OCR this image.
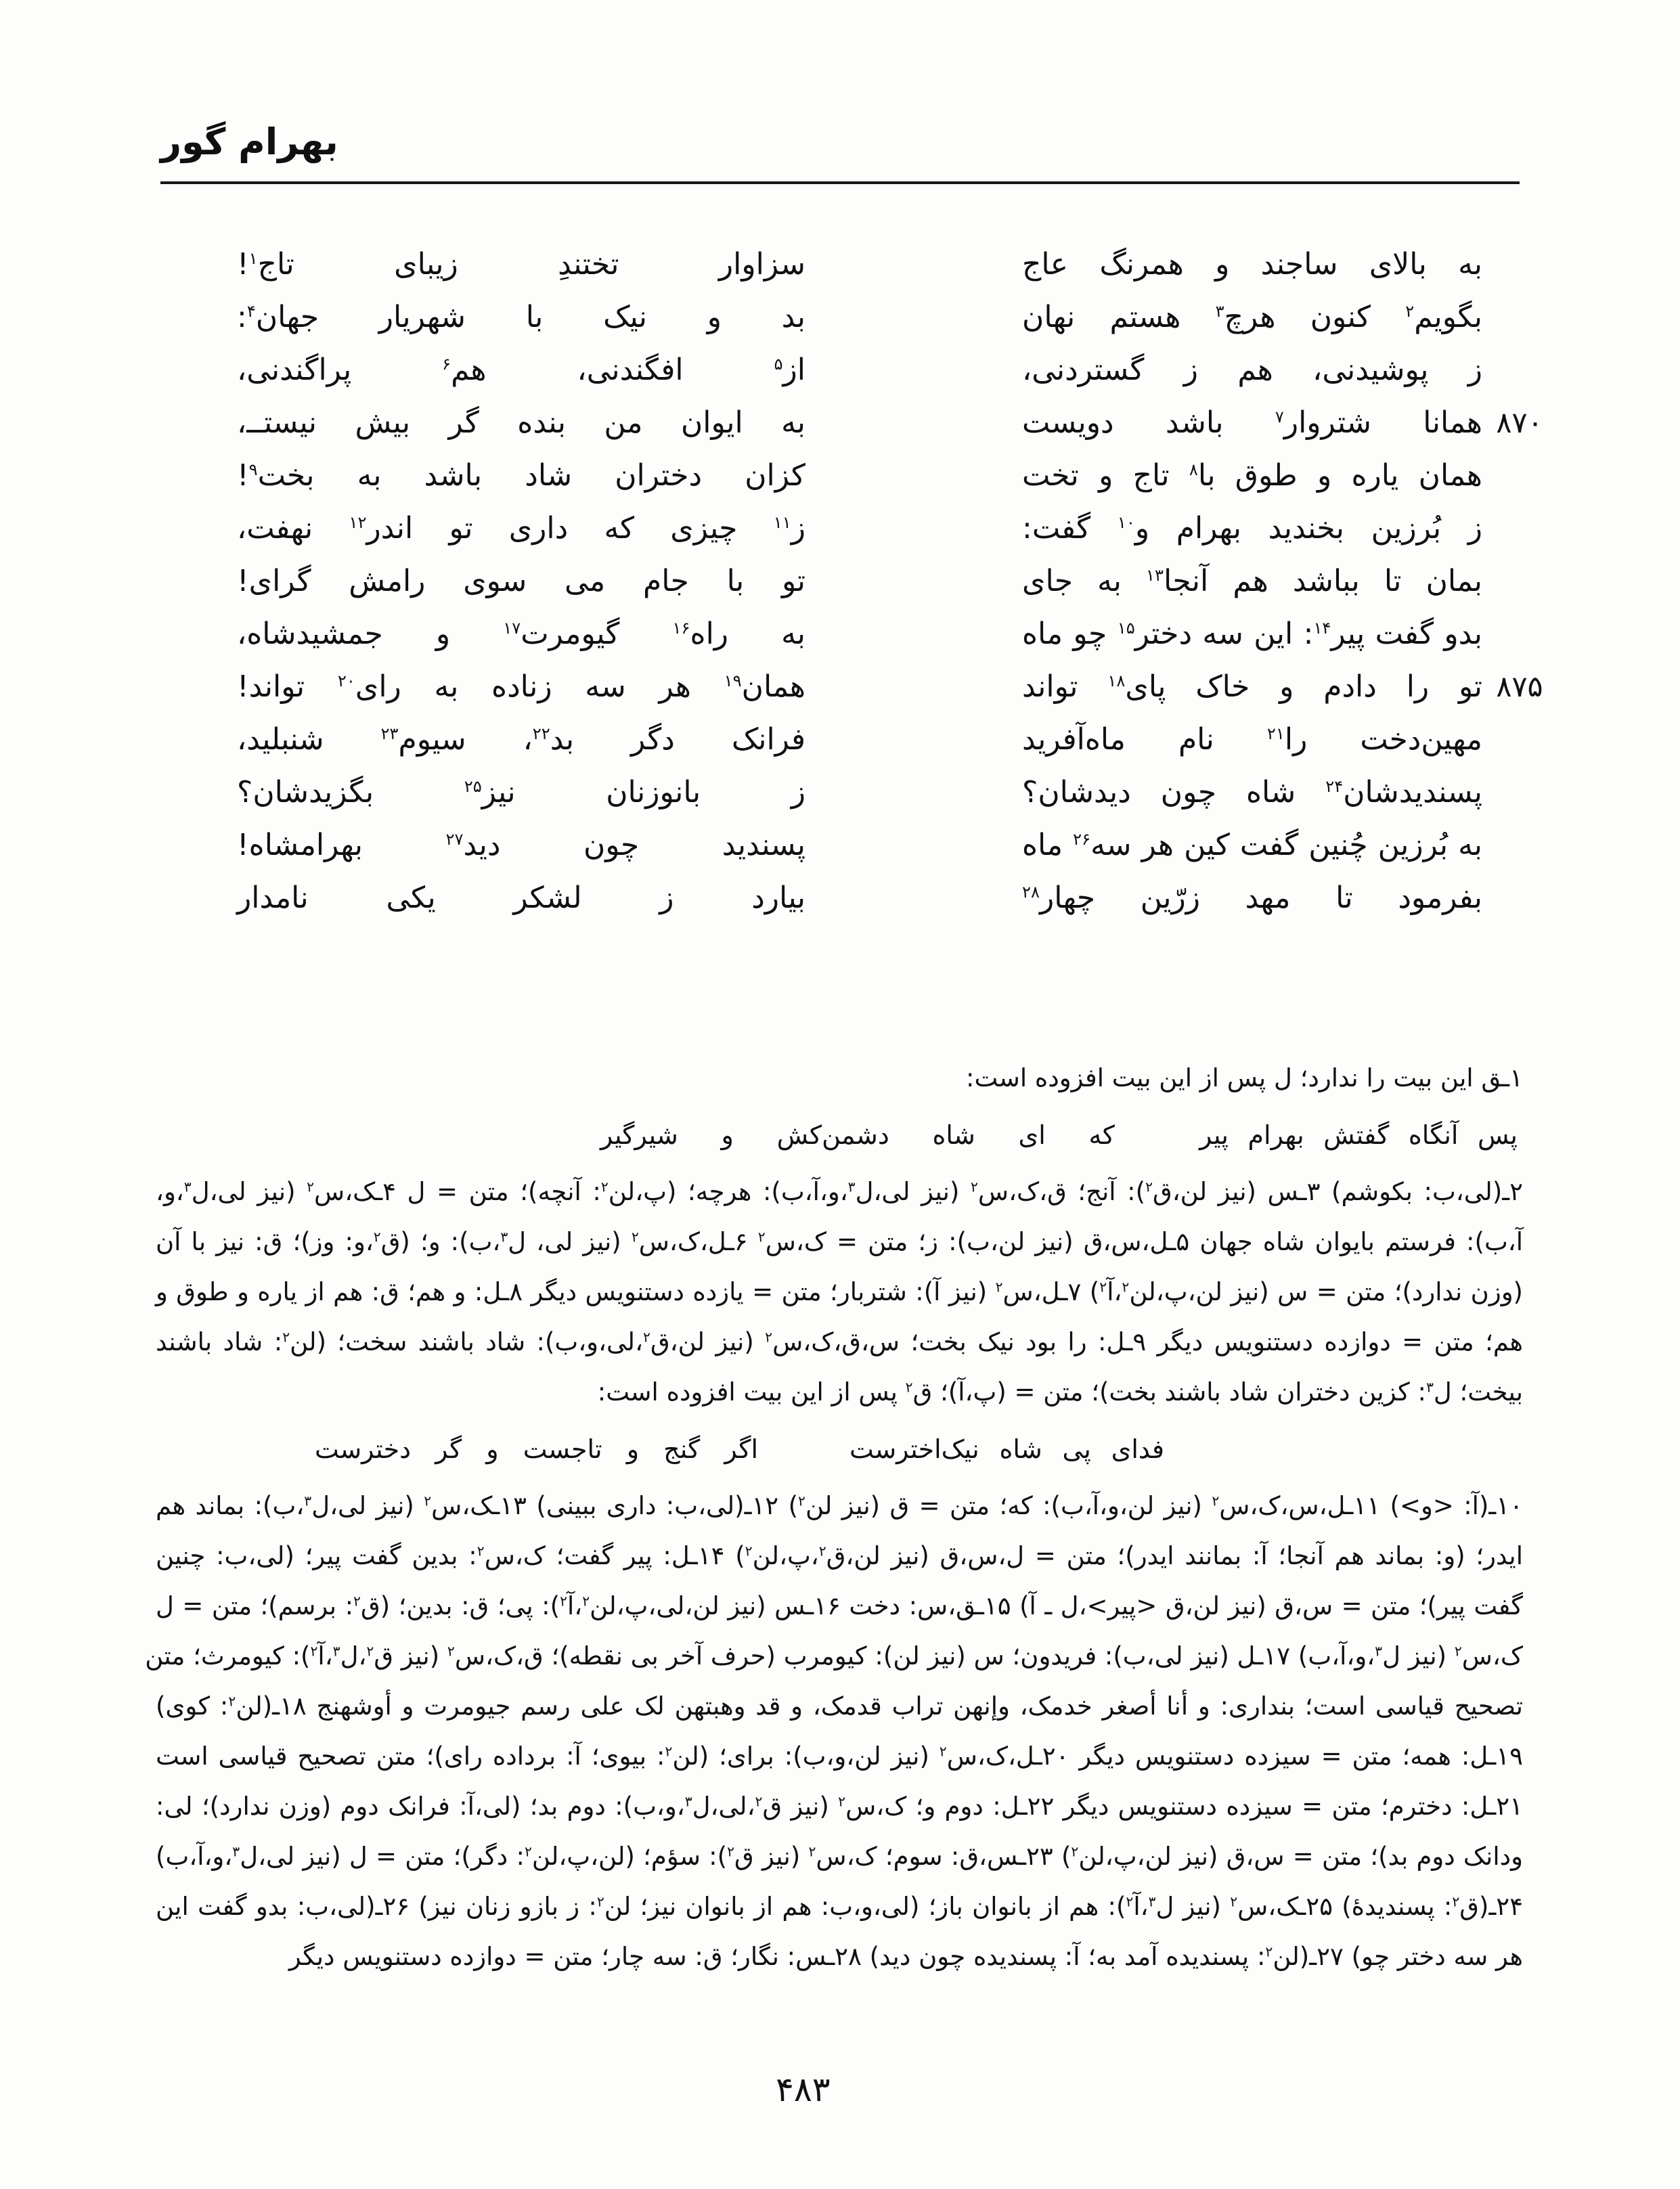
بهرام گور
به بالای ساجند و همرنگ عاج
سزاوار تختندِ زیبای تاج$^۱$!
بگویم$^۲$ کنون هرچ$^۳$ هستم نهان
بد و نیک با شهریار جهان$^۴$:
ز پوشیدنی، هم ز گستردنی،
از$^۵$ افگندنی، هم$^۶$ پراگندنی،
۸۷۰
همانا شتروار$^۷$ باشد دویست
به ایوان من بنده گر بیش نیستــ،
همان یاره و طوق با$^۸$ تاج و تخت
کزان دختران شاد باشد به بخت$^۹$!
ز بُرزین بخندید بهرام و$^{۱۰}$ گفت:
ز$^{۱۱}$ چیزی که داری تو اندر$^{۱۲}$ نهفت،
بمان تا بباشد هم آنجا$^{۱۳}$ به جای
تو با جام می سوی رامش گرای!
بدو گفت پیر$^{۱۴}$: این سه دختر$^{۱۵}$ چو ماه
به راه$^{۱۶}$ گیومرت$^{۱۷}$ و جمشیدشاه،
۸۷۵
تو را دادم و خاک پای$^{۱۸}$ تواند
همان$^{۱۹}$ هر سه زناده به رای$^{۲۰}$ تواند!
مهین‌دخت را$^{۲۱}$ نام ماه‌آفرید
فرانک دگر بد$^{۲۲}$، سیوم$^{۲۳}$ شنبلید،
پسندیدشان$^{۲۴}$ شاه چون دیدشان؟
ز بانوزنان نیز$^{۲۵}$ بگزیدشان؟
به بُرزین چُنین گفت کین هر سه$^{۲۶}$ ماه
پسندید چون دید$^{۲۷}$ بهرامشاه!
بفرمود تا مهد زرّین چهار$^{۲۸}$
بیارد ز لشکر یکی نامدار
۱ـق این بیت را ندارد؛ ل پس از این بیت افزوده است:
پس آنگاه گفتش بهرام پیر
که ای شاه دشمن‌کش و شیرگیر
۲ـ(لی،ب: بکوشم) ۳ـس (نیز لن،ق$^۲$): آنج؛ ق،ک،س$^۲$ (نیز لی،ل$^۳$،و،آ،ب): هرچه؛ (پ،لن$^۲$: آنچه)؛ متن = ل ۴ـک،س$^۲$ (نیز لی،ل$^۳$،و،
آ،ب): فرستم بایوان شاه جهان ۵ـل،س،ق (نیز لن،ب): ز؛ متن = ک،س$^۲$ ۶ـل،ک،س$^۲$ (نیز لی، ل$^۳$،ب): و؛ (ق$^۲$،و: وز)؛ ق: نیز با آن
(وزن ندارد)؛ متن = س (نیز لن،پ،لن$^۲$،آ$^۲$) ۷ـل،س$^۲$ (نیز آ): شتربار؛ متن = یازده دستنویس دیگر ۸ـل: و هم؛ ق: هم از یاره و طوق و
هم؛ متن = دوازده دستنویس دیگر ۹ـل: را بود نیک بخت؛ س،ق،ک،س$^۲$ (نیز لن،ق$^۲$،لی،و،ب): شاد باشند سخت؛ (لن$^۲$: شاد باشند
بیخت؛ ل$^۳$: کزین دختران شاد باشند بخت)؛ متن = (پ،آ)؛ ق$^۲$ پس از این بیت افزوده است:
فدای پی شاه نیک‌اخترست
اگر گنج و تاجست و گر دخترست
۱۰ـ(آ: <و>) ۱۱ـل،س،ک،س$^۲$ (نیز لن،و،آ،ب): که؛ متن = ق (نیز لن$^۲$) ۱۲ـ(لی،ب: داری ببینی) ۱۳ـک،س$^۲$ (نیز لی،ل$^۳$،ب): بماند هم
ایدر؛ (و: بماند هم آنجا؛ آ: بمانند ایدر)؛ متن = ل،س،ق (نیز لن،ق$^۲$،پ،لن$^۲$) ۱۴ـل: پیر گفت؛ ک،س$^۲$: بدین گفت پیر؛ (لی،ب: چنین
گفت پیر)؛ متن = س،ق (نیز لن،ق <پیر>،ل ـ آ) ۱۵ـق،س: دخت ۱۶ـس (نیز لن،لی،پ،لن$^۲$،آ$^۲$): پی؛ ق: بدین؛ (ق$^۲$: برسم)؛ متن = ل
ک،س$^۲$ (نیز ل$^۳$،و،آ،ب) ۱۷ـل (نیز لی،ب): فریدون؛ س (نیز لن): کیومرب (حرف آخر بی نقطه)؛ ق،ک،س$^۲$ (نیز ق$^۲$،ل$^۳$،آ$^۲$): کیومرث؛ متن
تصحیح قیاسی است؛ بنداری: و أنا أصغر خدمک، وإنهن تراب قدمک، و قد وهبتهن لک علی رسم جیومرت و أوشهنج ۱۸ـ(لن$^۲$: کوی)
۱۹ـل: همه؛ متن = سیزده دستنویس دیگر ۲۰ـل،ک،س$^۲$ (نیز لن،و،ب): برای؛ (لن$^۲$: بیوی؛ آ: برداده رای)؛ متن تصحیح قیاسی است
۲۱ـل: دخترم؛ متن = سیزده دستنویس دیگر ۲۲ـل: دوم و؛ ک،س$^۲$ (نیز ق$^۲$،لی،ل$^۳$،و،ب): دوم بد؛ (لی،آ: فرانک دوم (وزن ندارد)؛ لی:
ودانک دوم بد)؛ متن = س،ق (نیز لن،پ،لن$^۲$) ۲۳ـس،ق: سوم؛ ک،س$^۲$ (نیز ق$^۲$): سؤم؛ (لن،پ،لن$^۲$: دگر)؛ متن = ل (نیز لی،ل$^۳$،و،آ،ب)
۲۴ـ(ق$^۲$: پسندیدهٔ) ۲۵ـک،س$^۲$ (نیز ل$^۳$،آ$^۲$): هم از بانوان باز؛ (لی،و،ب: هم از بانوان نیز؛ لن$^۲$: ز بازو زنان نیز) ۲۶ـ(لی،ب: بدو گفت این
هر سه دختر چو) ۲۷ـ(لن$^۲$: پسندیده آمد به؛ آ: پسندیده چون دید) ۲۸ـس: نگار؛ ق: سه چار؛ متن = دوازده دستنویس دیگر
۴۸۳
